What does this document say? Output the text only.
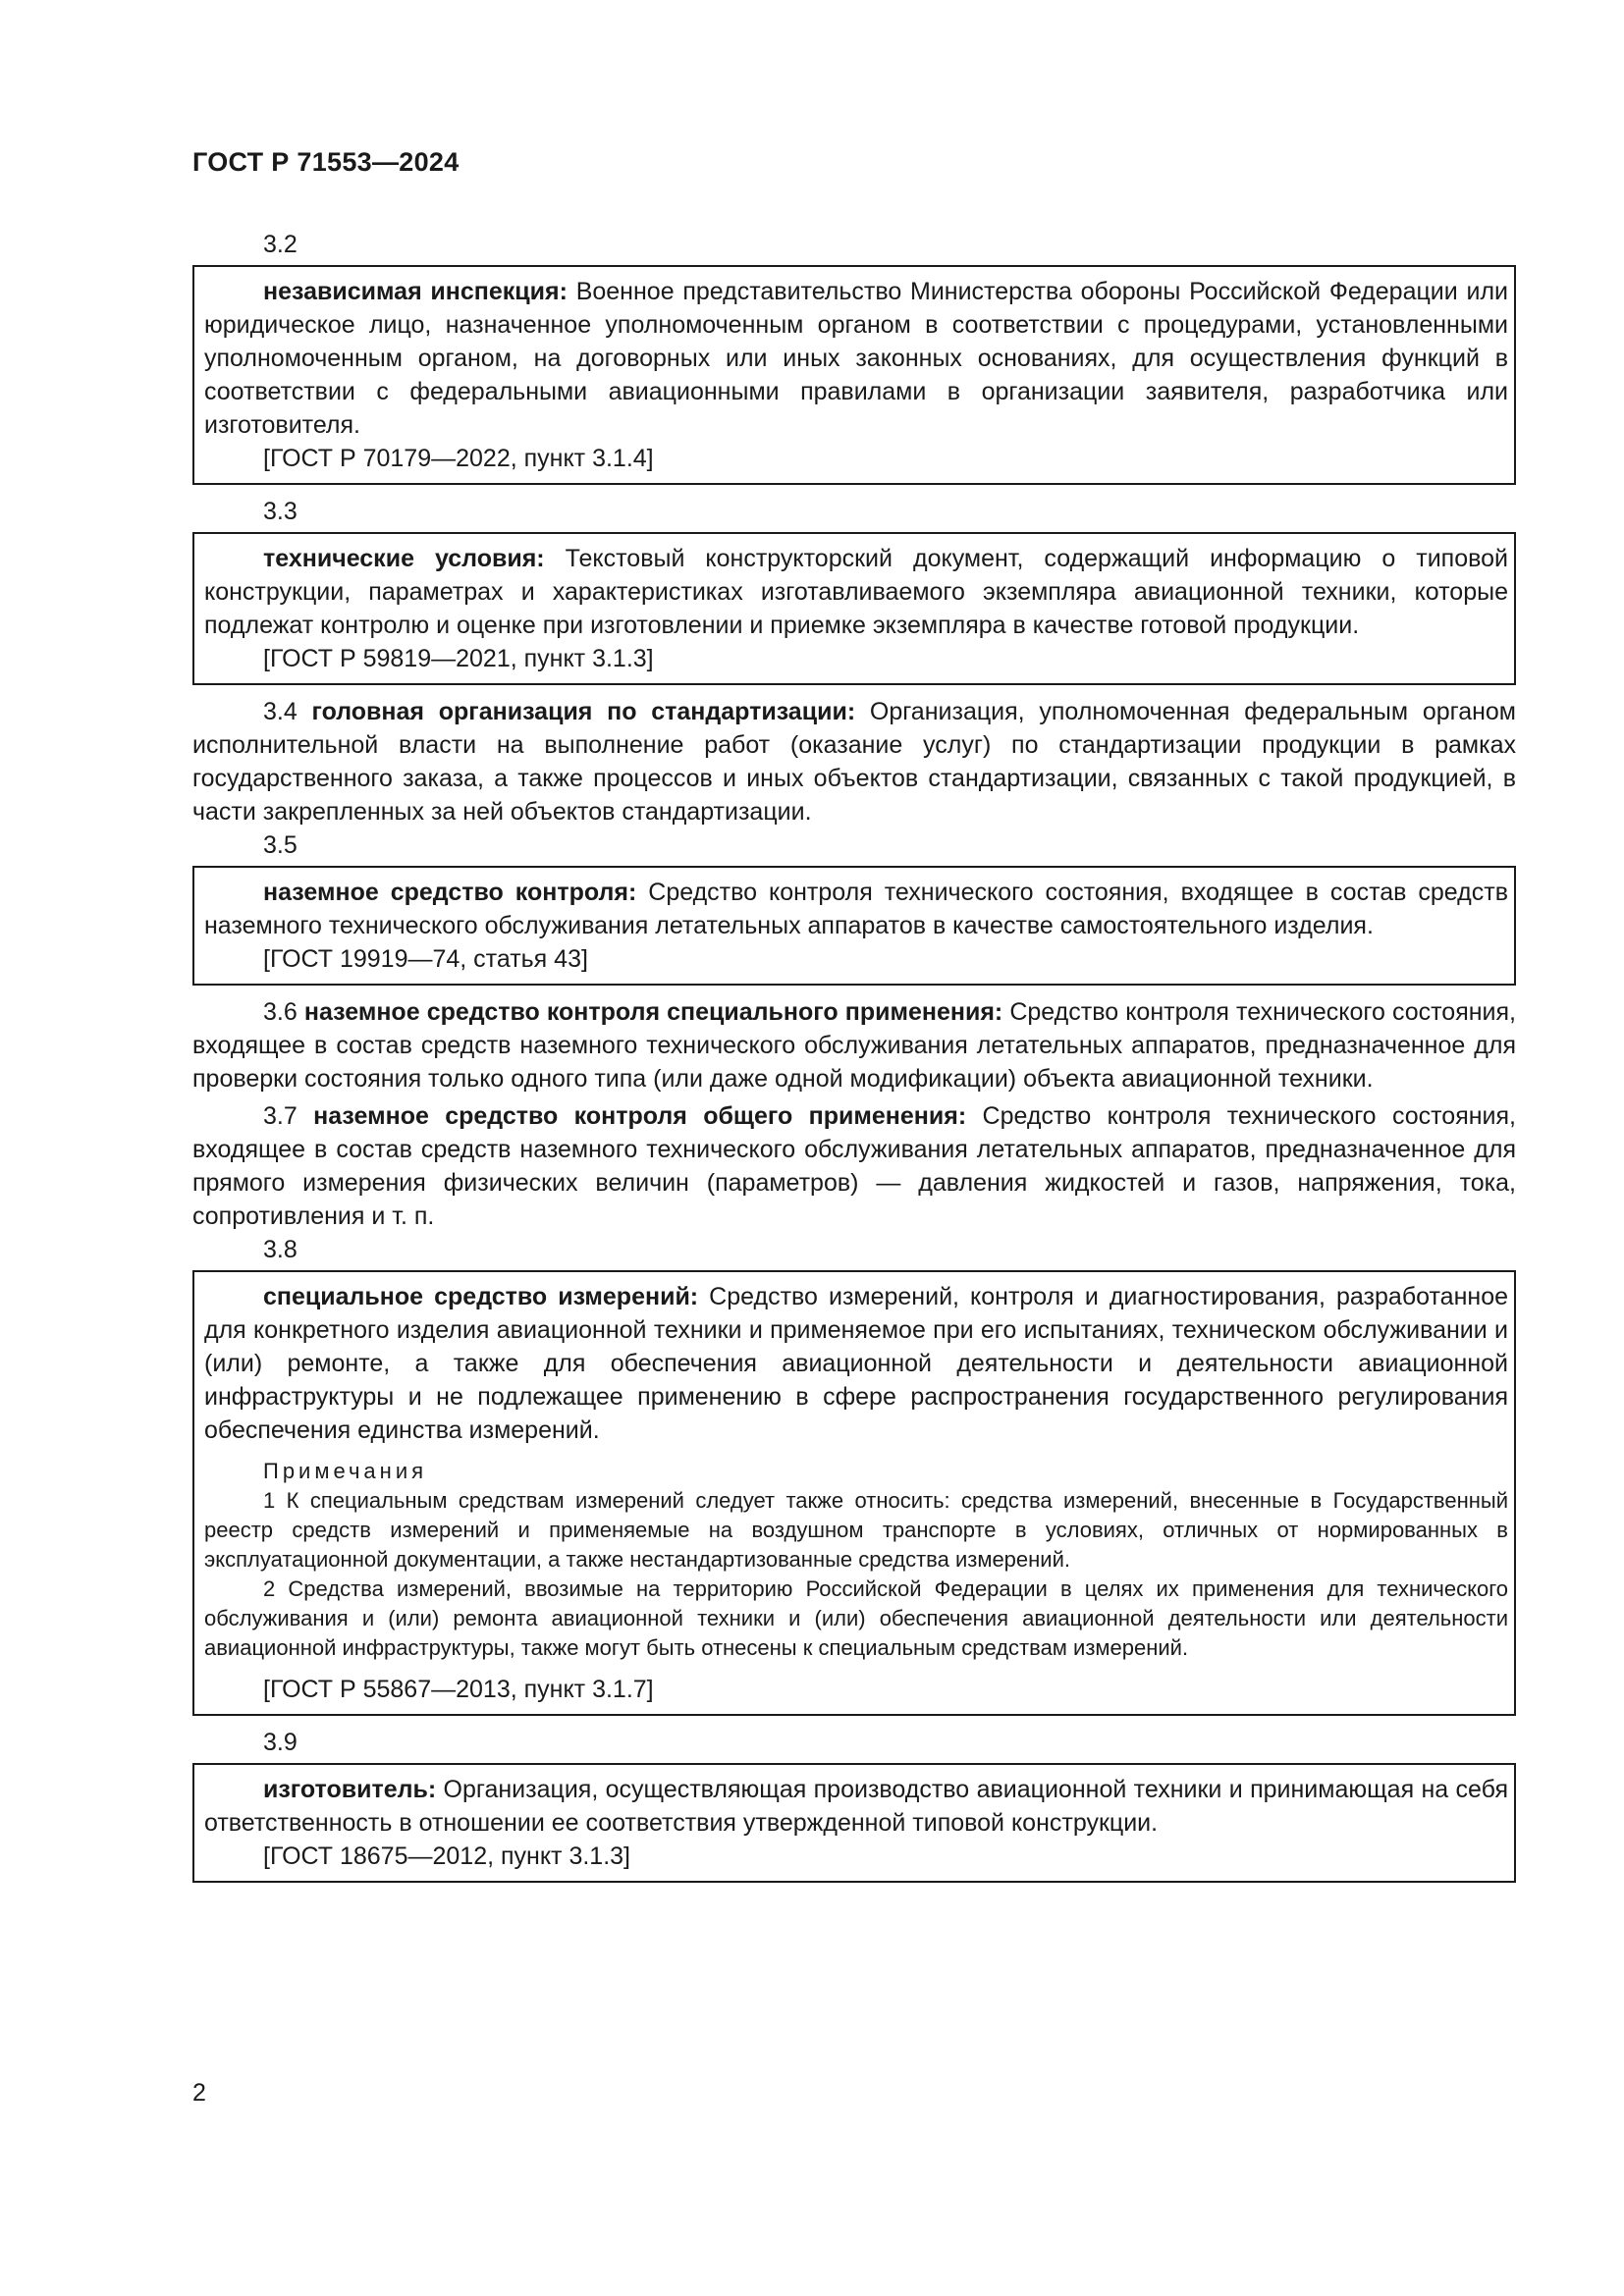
ГОСТ Р 71553—2024
3.2

независимая инспекция: Военное представительство Министерства обороны Российской Федерации или юридическое лицо, назначенное уполномоченным органом в соответствии с процедурами, установленными уполномоченным органом, на договорных или иных законных основаниях, для осуществления функций в соответствии с федеральными авиационными правилами в организации заявителя, разработчика или изготовителя.

[ГОСТ Р 70179—2022, пункт 3.1.4]

3.3

технические условия: Текстовый конструкторский документ, содержащий информацию о типовой конструкции, параметрах и характеристиках изготавливаемого экземпляра авиационной техники, которые подлежат контролю и оценке при изготовлении и приемке экземпляра в качестве готовой продукции.

[ГОСТ Р 59819—2021, пункт 3.1.3]

3.4 головная организация по стандартизации: Организация, уполномоченная федеральным органом исполнительной власти на выполнение работ (оказание услуг) по стандартизации продукции в рамках государственного заказа, а также процессов и иных объектов стандартизации, связанных с такой продукцией, в части закрепленных за ней объектов стандартизации.
3.5

наземное средство контроля: Средство контроля технического состояния, входящее в состав средств наземного технического обслуживания летательных аппаратов в качестве самостоятельного изделия.

[ГОСТ 19919—74, статья 43]

3.6 наземное средство контроля специального применения: Средство контроля технического состояния, входящее в состав средств наземного технического обслуживания летательных аппаратов, предназначенное для проверки состояния только одного типа (или даже одной модификации) объекта авиационной техники.
3.7 наземное средство контроля общего применения: Средство контроля технического состояния, входящее в состав средств наземного технического обслуживания летательных аппаратов, предназначенное для прямого измерения физических величин (параметров) — давления жидкостей и газов, напряжения, тока, сопротивления и т. п.
3.8

специальное средство измерений: Средство измерений, контроля и диагностирования, разработанное для конкретного изделия авиационной техники и применяемое при его испытаниях, техническом обслуживании и (или) ремонте, а также для обеспечения авиационной деятельности и деятельности авиационной инфраструктуры и не подлежащее применению в сфере распространения государственного регулирования обеспечения единства измерений.

Примечания

1 К специальным средствам измерений следует также относить: средства измерений, внесенные в Государственный реестр средств измерений и применяемые на воздушном транспорте в условиях, отличных от нормированных в эксплуатационной документации, а также нестандартизованные средства измерений.

2 Средства измерений, ввозимые на территорию Российской Федерации в целях их применения для технического обслуживания и (или) ремонта авиационной техники и (или) обеспечения авиационной деятельности или деятельности авиационной инфраструктуры, также могут быть отнесены к специальным средствам измерений.

[ГОСТ Р 55867—2013, пункт 3.1.7]

3.9

изготовитель: Организация, осуществляющая производство авиационной техники и принимающая на себя ответственность в отношении ее соответствия утвержденной типовой конструкции.

[ГОСТ 18675—2012, пункт 3.1.3]

2
